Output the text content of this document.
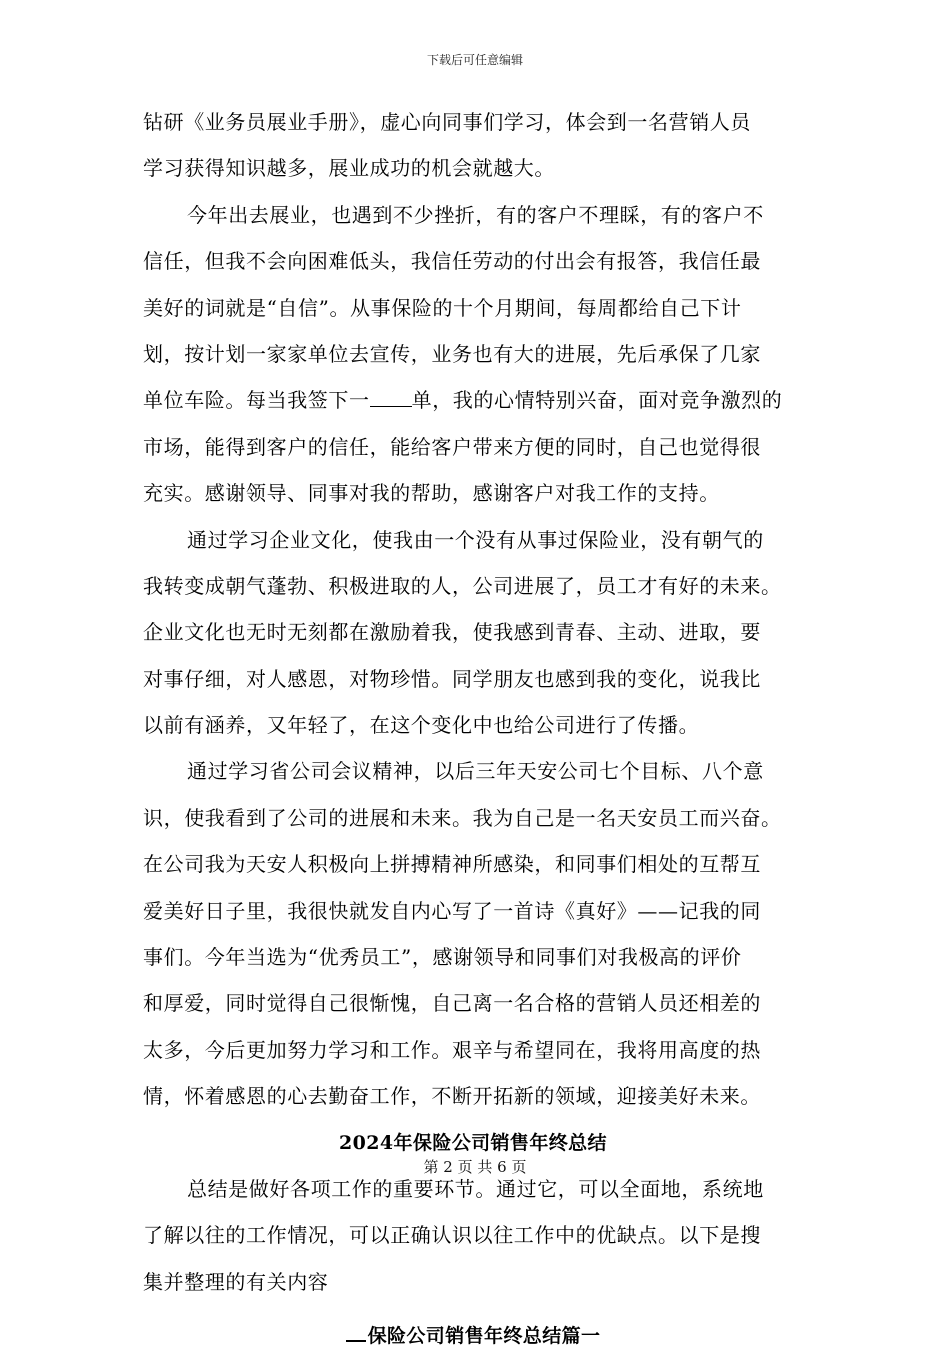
下载后可任意编辑
钻研《业务员展业手册》，虚心向同事们学习，体会到一名营销人员
学习获得知识越多，展业成功的机会就越大。
今年出去展业，也遇到不少挫折，有的客户不理睬，有的客户不
信任，但我不会向困难低头，我信任劳动的付出会有报答，我信任最
美好的词就是“自信”。从事保险的十个月期间，每周都给自己下计
划，按计划一家家单位去宣传，业务也有大的进展，先后承保了几家
单位车险。每当我签下一 单，我的心情特别兴奋，面对竞争激烈的
市场，能得到客户的信任，能给客户带来方便的同时，自己也觉得很
充实。感谢领导、同事对我的帮助，感谢客户对我工作的支持。
通过学习企业文化，使我由一个没有从事过保险业，没有朝气的
我转变成朝气蓬勃、积极进取的人，公司进展了，员工才有好的未来。
企业文化也无时无刻都在激励着我，使我感到青春、主动、进取，要
对事仔细，对人感恩，对物珍惜。同学朋友也感到我的变化，说我比
以前有涵养，又年轻了，在这个变化中也给公司进行了传播。
通过学习省公司会议精神，以后三年天安公司七个目标、八个意
识，使我看到了公司的进展和未来。我为自己是一名天安员工而兴奋。
在公司我为天安人积极向上拼搏精神所感染，和同事们相处的互帮互
爱美好日子里，我很快就发自内心写了一首诗《真好》——记我的同
事们。今年当选为“优秀员工”，感谢领导和同事们对我极高的评价
和厚爱，同时觉得自己很惭愧，自己离一名合格的营销人员还相差的
太多，今后更加努力学习和工作。艰辛与希望同在，我将用高度的热
情，怀着感恩的心去勤奋工作，不断开拓新的领域，迎接美好未来。
2024年保险公司销售年终总结
总结是做好各项工作的重要环节。通过它，可以全面地，系统地
了解以往的工作情况，可以正确认识以往工作中的优缺点。以下是搜
集并整理的有关内容
保险公司销售年终总结篇一
第 2 页 共 6 页
